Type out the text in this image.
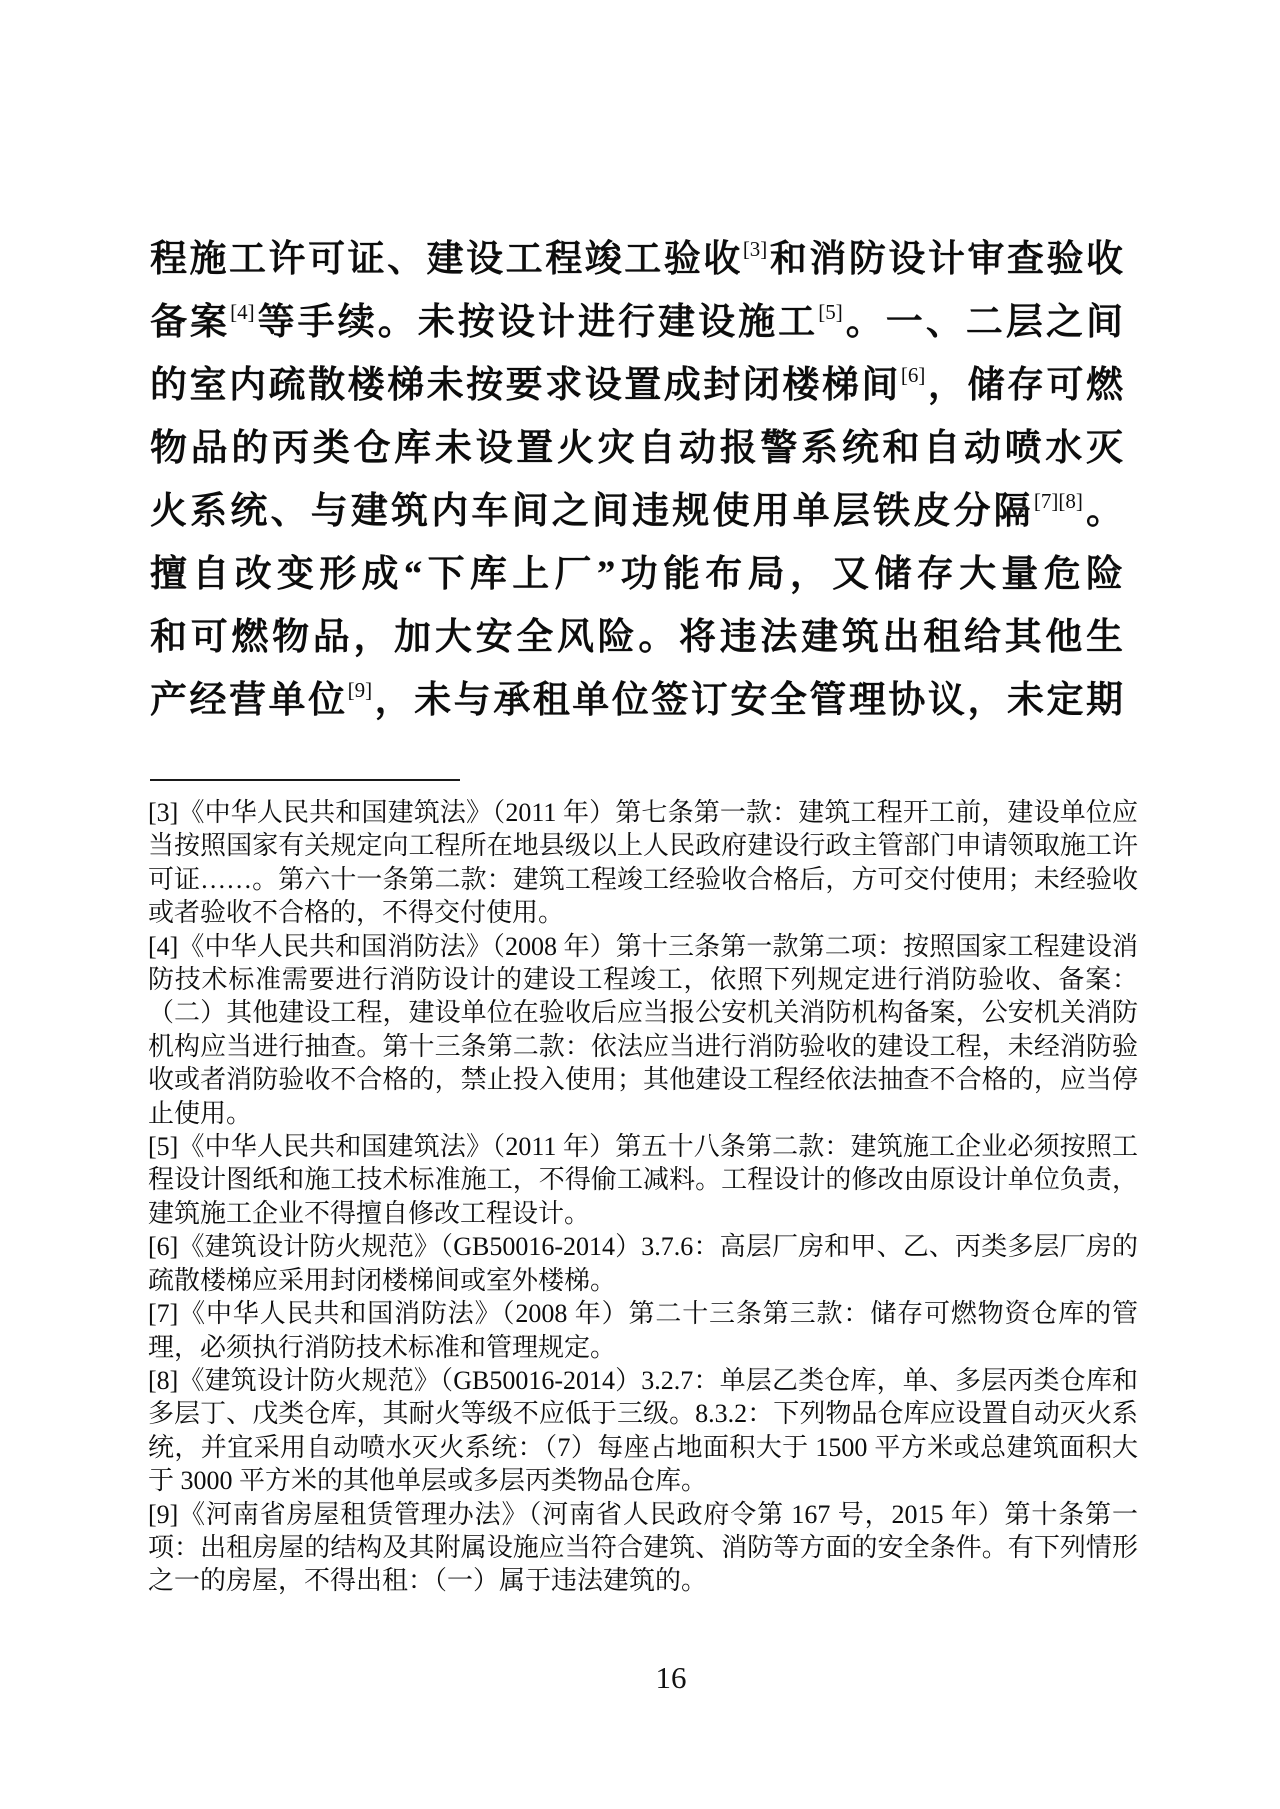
程施工许可证、建设工程竣工验收[3]和消防设计审查验收
备案[4]等手续。未按设计进行建设施工[5]。一、二层之间
的室内疏散楼梯未按要求设置成封闭楼梯间[6]，储存可燃
物品的丙类仓库未设置火灾自动报警系统和自动喷水灭
火系统、与建筑内车间之间违规使用单层铁皮分隔[7][8]。
擅自改变形成“下库上厂”功能布局，又储存大量危险
和可燃物品，加大安全风险。将违法建筑出租给其他生
产经营单位[9]，未与承租单位签订安全管理协议，未定期

[3]《中华人民共和国建筑法》（2011 年）第七条第一款：建筑工程开工前，建设单位应当按照国家有关规定向工程所在地县级以上人民政府建设行政主管部门申请领取施工许可证……。第六十一条第二款：建筑工程竣工经验收合格后，方可交付使用；未经验收或者验收不合格的，不得交付使用。

[4]《中华人民共和国消防法》（2008 年）第十三条第一款第二项：按照国家工程建设消防技术标准需要进行消防设计的建设工程竣工，依照下列规定进行消防验收、备案：（二）其他建设工程，建设单位在验收后应当报公安机关消防机构备案，公安机关消防机构应当进行抽查。第十三条第二款：依法应当进行消防验收的建设工程，未经消防验收或者消防验收不合格的，禁止投入使用；其他建设工程经依法抽查不合格的，应当停止使用。

[5]《中华人民共和国建筑法》（2011 年）第五十八条第二款：建筑施工企业必须按照工程设计图纸和施工技术标准施工，不得偷工减料。工程设计的修改由原设计单位负责，建筑施工企业不得擅自修改工程设计。

[6]《建筑设计防火规范》（GB50016-2014）3.7.6：高层厂房和甲、乙、丙类多层厂房的疏散楼梯应采用封闭楼梯间或室外楼梯。

[7]《中华人民共和国消防法》（2008 年）第二十三条第三款：储存可燃物资仓库的管理，必须执行消防技术标准和管理规定。

[8]《建筑设计防火规范》（GB50016-2014）3.2.7：单层乙类仓库，单、多层丙类仓库和多层丁、戊类仓库，其耐火等级不应低于三级。8.3.2：下列物品仓库应设置自动灭火系统，并宜采用自动喷水灭火系统：（7）每座占地面积大于 1500 平方米或总建筑面积大于 3000 平方米的其他单层或多层丙类物品仓库。

[9]《河南省房屋租赁管理办法》（河南省人民政府令第 167 号，2015 年）第十条第一项：出租房屋的结构及其附属设施应当符合建筑、消防等方面的安全条件。有下列情形之一的房屋，不得出租：（一）属于违法建筑的。

16
